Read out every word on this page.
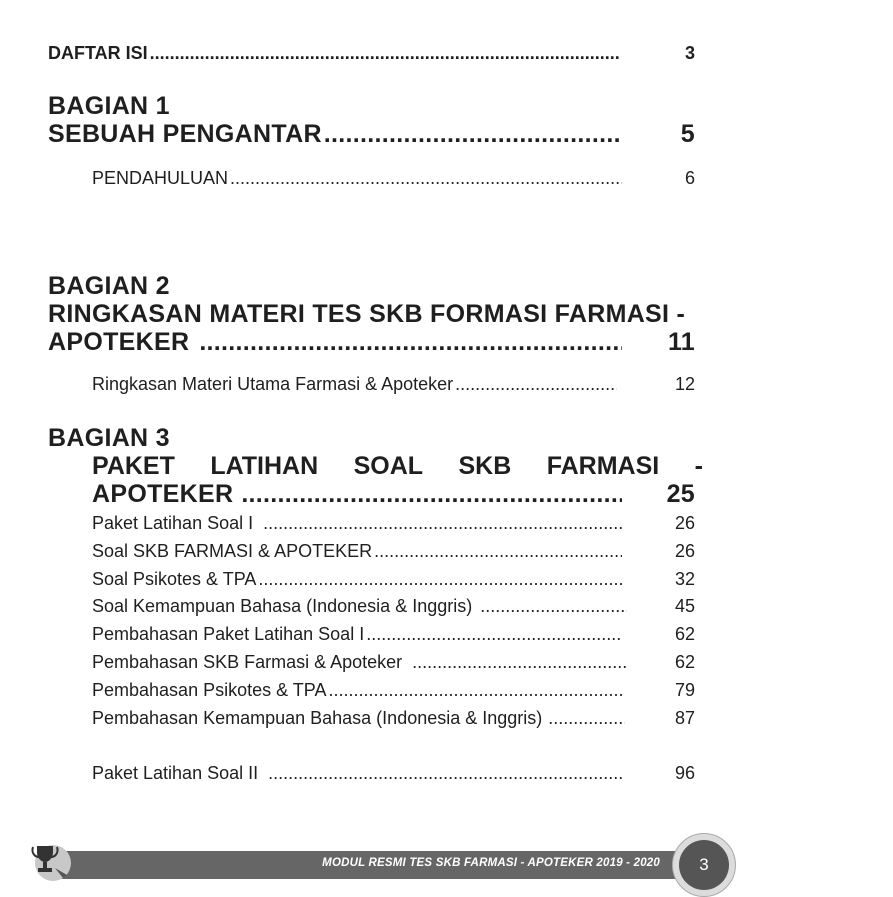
DAFTAR ISI .....	3
BAGIAN 1
SEBUAH PENGANTAR .....	5
PENDAHULUAN .....	6
BAGIAN 2
RINGKASAN MATERI TES SKB FORMASI FARMASI -
APOTEKER .....	11
Ringkasan Materi Utama Farmasi & Apoteker .....	12
BAGIAN 3
PAKET LATIHAN SOAL SKB FARMASI -
APOTEKER .....	25
Paket Latihan Soal I .....	26
Soal SKB FARMASI & APOTEKER .....	26
Soal Psikotes & TPA .....	32
Soal Kemampuan Bahasa (Indonesia & Inggris) .....	45
Pembahasan Paket Latihan Soal I .....	62
Pembahasan SKB Farmasi & Apoteker .....	62
Pembahasan Psikotes & TPA .....	79
Pembahasan Kemampuan Bahasa (Indonesia & Inggris) .....	87
Paket Latihan Soal II .....	96
MODUL RESMI TES SKB FARMASI - APOTEKER 2019 - 2020	3
